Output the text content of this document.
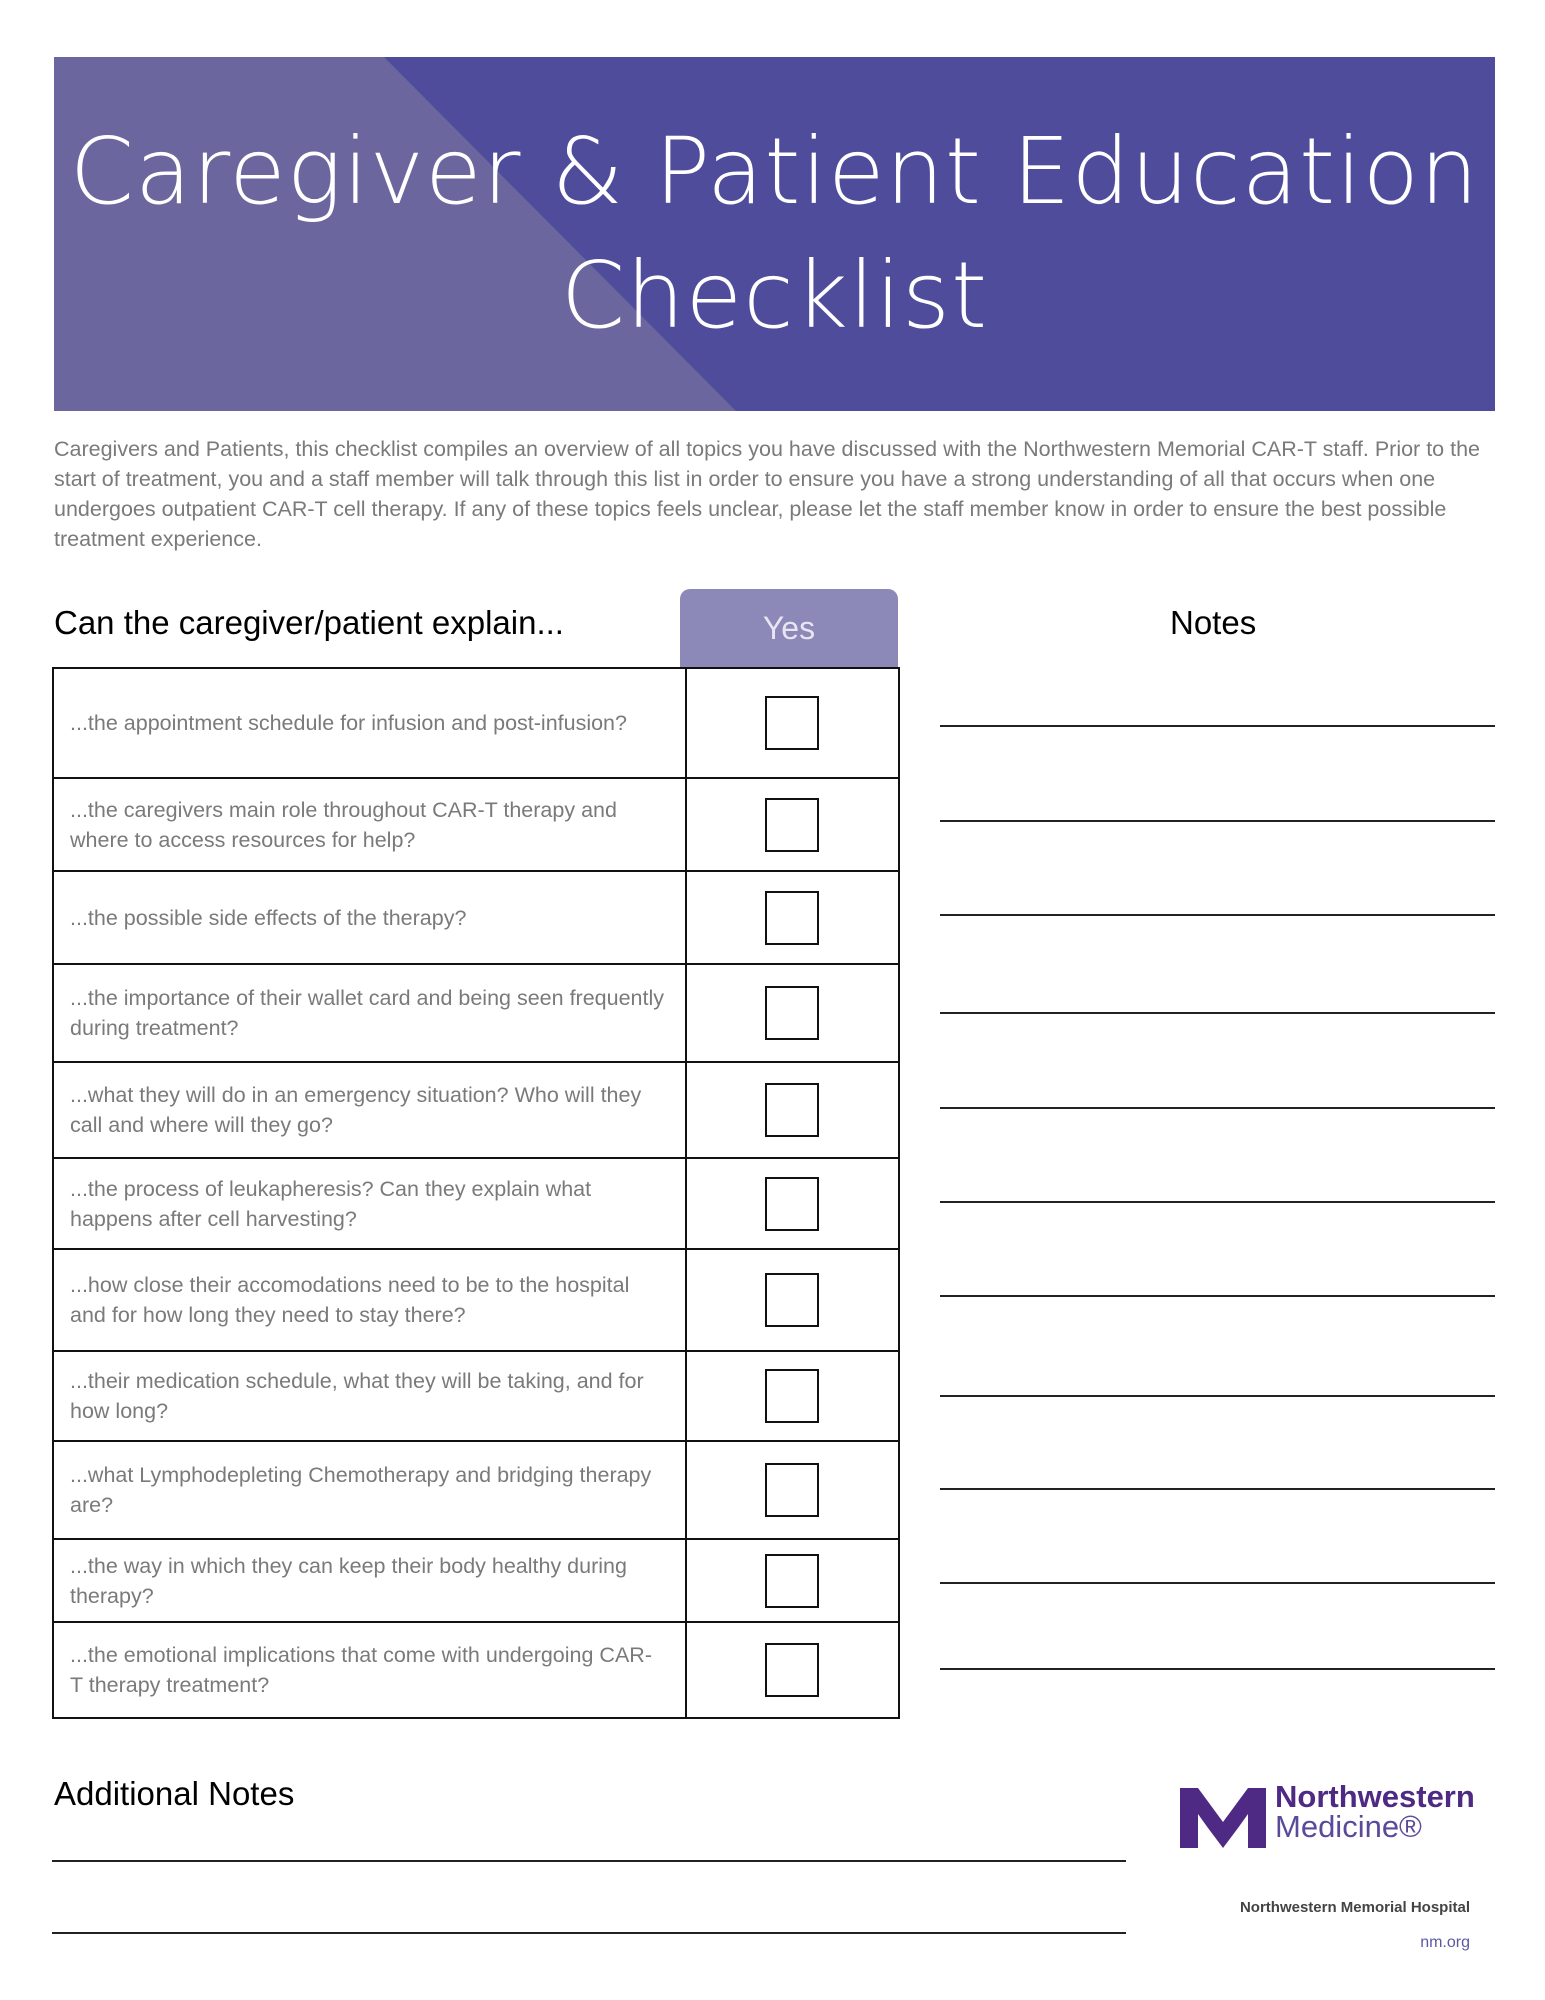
Caregiver & Patient Education
Checklist

Caregivers and Patients, this checklist compiles an overview of all topics you have discussed with the Northwestern Memorial CAR-T staff. Prior to the start of treatment, you and a staff member will talk through this list in order to ensure you have a strong understanding of all that occurs when one undergoes outpatient CAR-T cell therapy. If any of these topics feels unclear, please let the staff member know in order to ensure the best possible treatment experience.

Can the caregiver/patient explain...	Yes	Notes
...the appointment schedule for infusion and post-infusion?	
...the caregivers main role throughout CAR-T therapy and where to access resources for help?	
...the possible side effects of the therapy?	
...the importance of their wallet card and being seen frequently during treatment?	
...what they will do in an emergency situation? Who will they call and where will they go?	
...the process of leukapheresis? Can they explain what happens after cell harvesting?	
...how close their accomodations need to be to the hospital and for how long they need to stay there?	
...their medication schedule, what they will be taking, and for how long?	
...what Lymphodepleting Chemotherapy and bridging therapy are?	
...the way in which they can keep their body healthy during therapy?	
...the emotional implications that come with undergoing CAR-T therapy treatment?	
Additional Notes	Northwestern
Medicine®
Northwestern Memorial Hospital
nm.org
